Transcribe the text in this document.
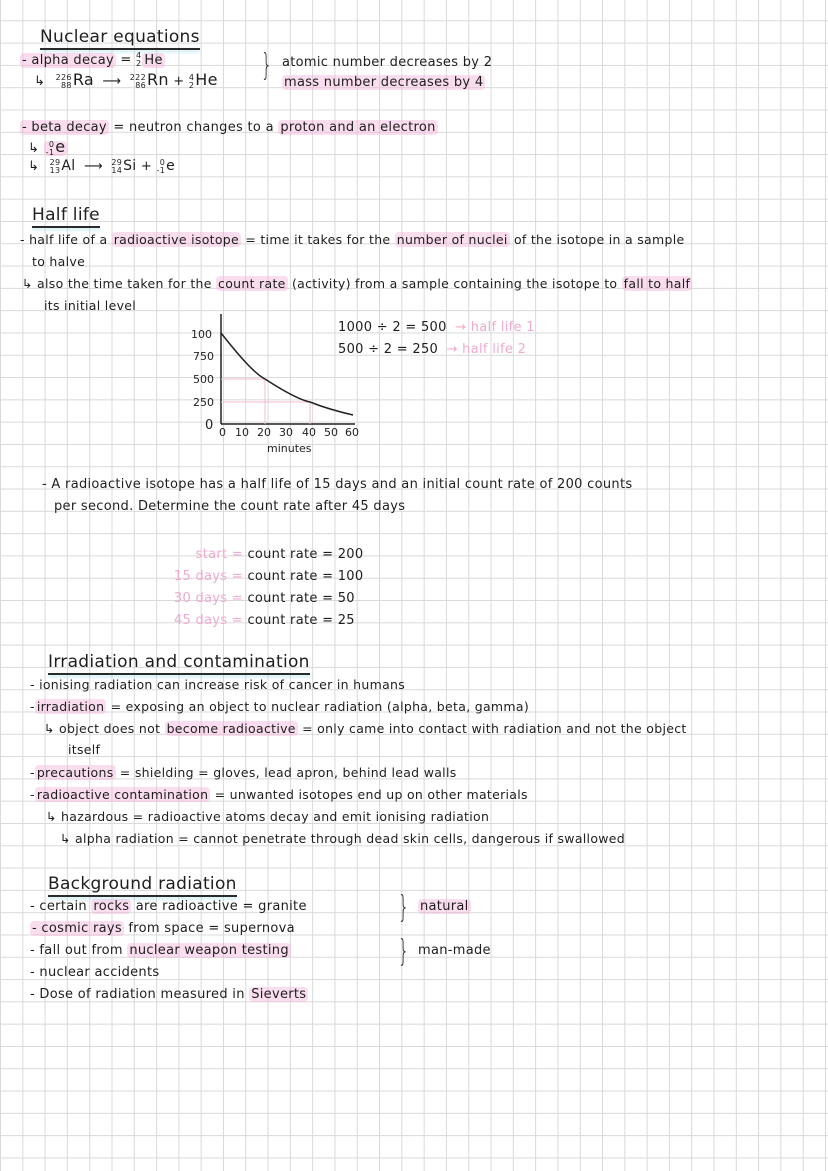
Nuclear equations
- alpha decay = 4
2 He
↳ 226
88Ra ⟶ 222
86Rn + 4
2He } atomic number decreases by 2
mass number decreases by 4
- beta decay = neutron changes to a proton and an electron
↳ 0
-1e
↳ 29
13Al ⟶ 29
14Si + 0
-1e
Half life
- half life of a radioactive isotope = time it takes for the number of nuclei of the isotope in a sample
to halve
↳ also the time taken for the count rate (activity) from a sample containing the isotope to fall to half
its initial level
100
750
500
250
0 0 10 20 30 40 50 60
minutes
1000 ÷ 2 = 500 → half life 1
500 ÷ 2 = 250 → half life 2
- A radioactive isotope has a half life of 15 days and an initial count rate of 200 counts
per second. Determine the count rate after 45 days
start = count rate = 200
15 days = count rate = 100
30 days = count rate = 50
45 days = count rate = 25
Irradiation and contamination
- ionising radiation can increase risk of cancer in humans
- irradiation = exposing an object to nuclear radiation (alpha, beta, gamma)
↳ object does not become radioactive = only came into contact with radiation and not the object
itself
- precautions = shielding = gloves, lead apron, behind lead walls
- radioactive contamination = unwanted isotopes end up on other materials
↳ hazardous = radioactive atoms decay and emit ionising radiation
↳ alpha radiation = cannot penetrate through dead skin cells, dangerous if swallowed
Background radiation
- certain rocks are radioactive = granite
- cosmic rays from space = supernova
- fall out from nuclear weapon testing
- nuclear accidents
- Dose of radiation measured in Sieverts
} natural
} man-made
